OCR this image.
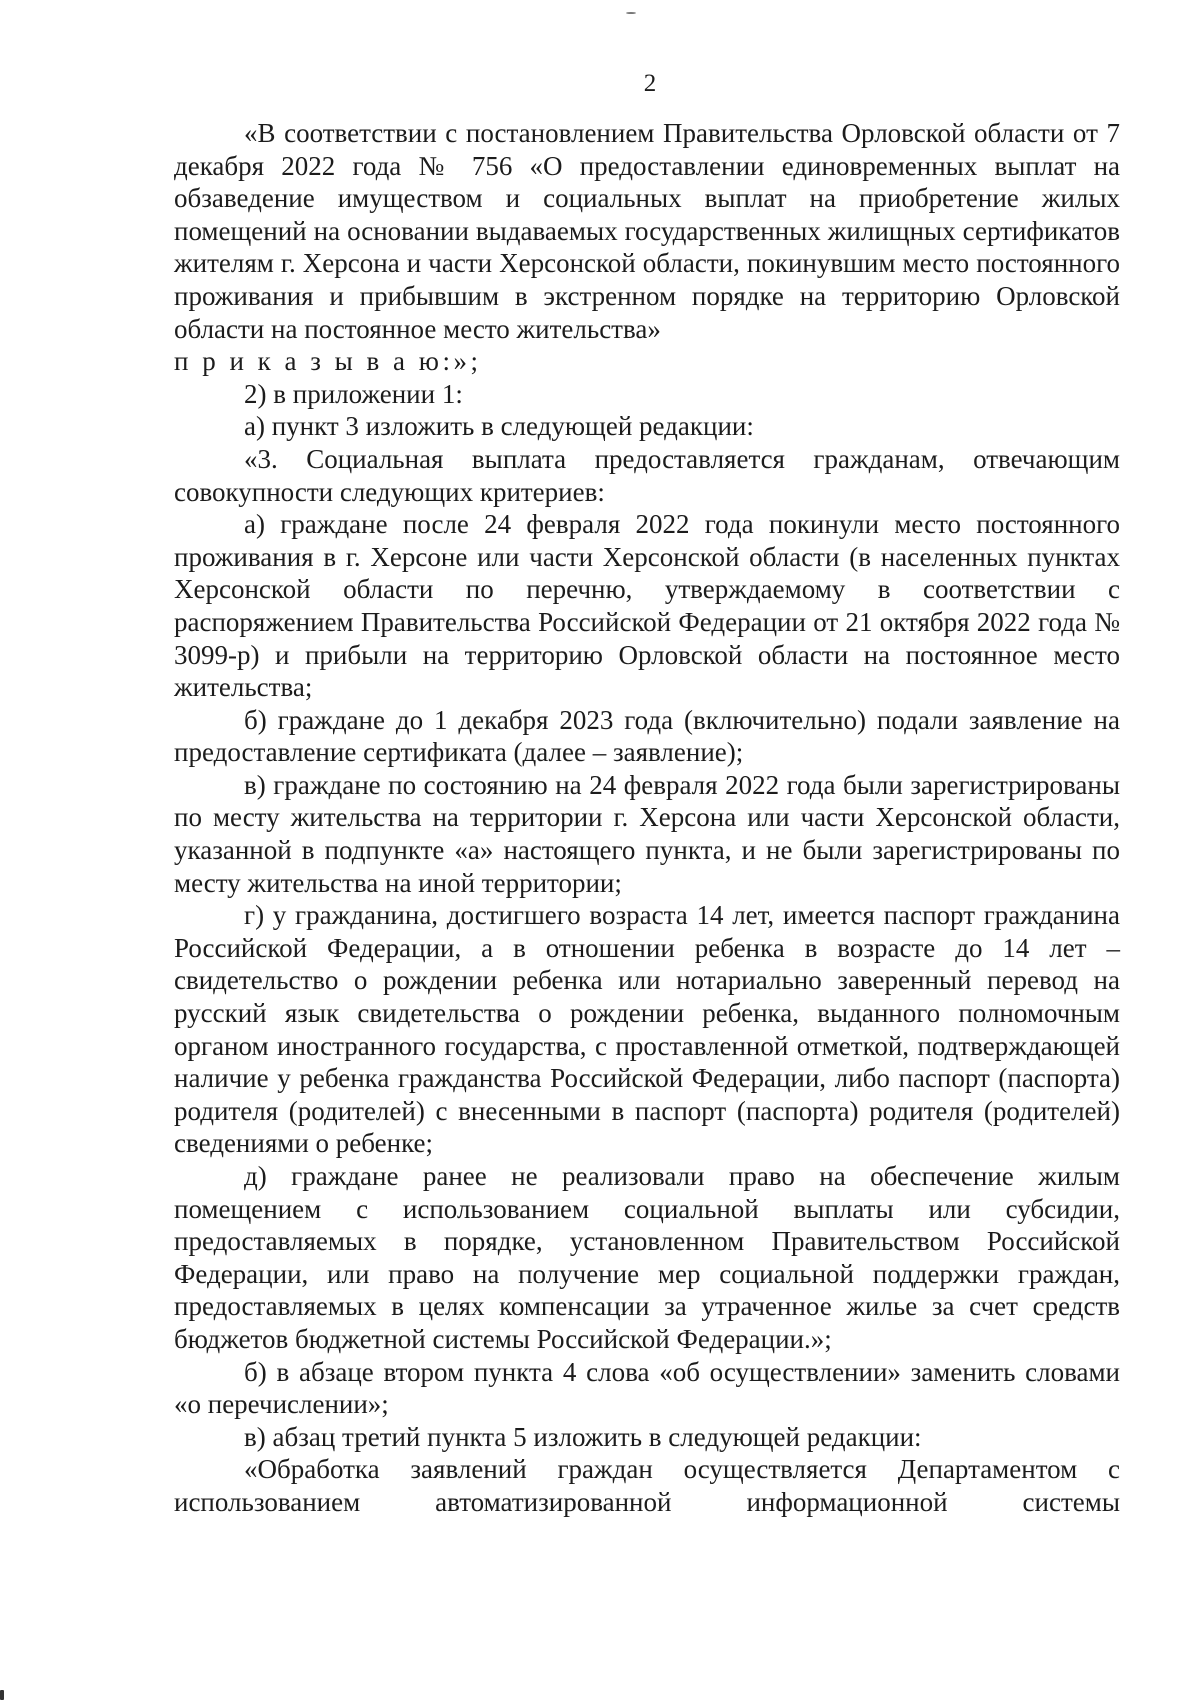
2

«В соответствии с постановлением Правительства Орловской области от 7 декабря 2022 года № 756 «О предоставлении единовременных выплат на обзаведение имуществом и социальных выплат на приобретение жилых помещений на основании выдаваемых государственных жилищных сертификатов жителям г. Херсона и части Херсонской области, покинувшим место постоянного проживания и прибывшим в экстренном порядке на территорию Орловской области на постоянное место жительства»

п р и к а з ы в а ю:»;

2) в приложении 1:

а) пункт 3 изложить в следующей редакции:

«3. Социальная выплата предоставляется гражданам, отвечающим совокупности следующих критериев:

а) граждане после 24 февраля 2022 года покинули место постоянного проживания в г. Херсоне или части Херсонской области (в населенных пунктах Херсонской области по перечню, утверждаемому в соответствии с распоряжением Правительства Российской Федерации от 21 октября 2022 года № 3099-р) и прибыли на территорию Орловской области на постоянное место жительства;

б) граждане до 1 декабря 2023 года (включительно) подали заявление на предоставление сертификата (далее – заявление);

в) граждане по состоянию на 24 февраля 2022 года были зарегистрированы по месту жительства на территории г. Херсона или части Херсонской области, указанной в подпункте «а» настоящего пункта, и не были зарегистрированы по месту жительства на иной территории;

г) у гражданина, достигшего возраста 14 лет, имеется паспорт гражданина Российской Федерации, а в отношении ребенка в возрасте до 14 лет – свидетельство о рождении ребенка или нотариально заверенный перевод на русский язык свидетельства о рождении ребенка, выданного полномочным органом иностранного государства, с проставленной отметкой, подтверждающей наличие у ребенка гражданства Российской Федерации, либо паспорт (паспорта) родителя (родителей) с внесенными в паспорт (паспорта) родителя (родителей) сведениями о ребенке;

д) граждане ранее не реализовали право на обеспечение жилым помещением с использованием социальной выплаты или субсидии, предоставляемых в порядке, установленном Правительством Российской Федерации, или право на получение мер социальной поддержки граждан, предоставляемых в целях компенсации за утраченное жилье за счет средств бюджетов бюджетной системы Российской Федерации.»;

б) в абзаце втором пункта 4 слова «об осуществлении» заменить словами «о перечислении»;

в) абзац третий пункта 5 изложить в следующей редакции:

«Обработка заявлений граждан осуществляется Департаментом с использованием автоматизированной информационной системы
